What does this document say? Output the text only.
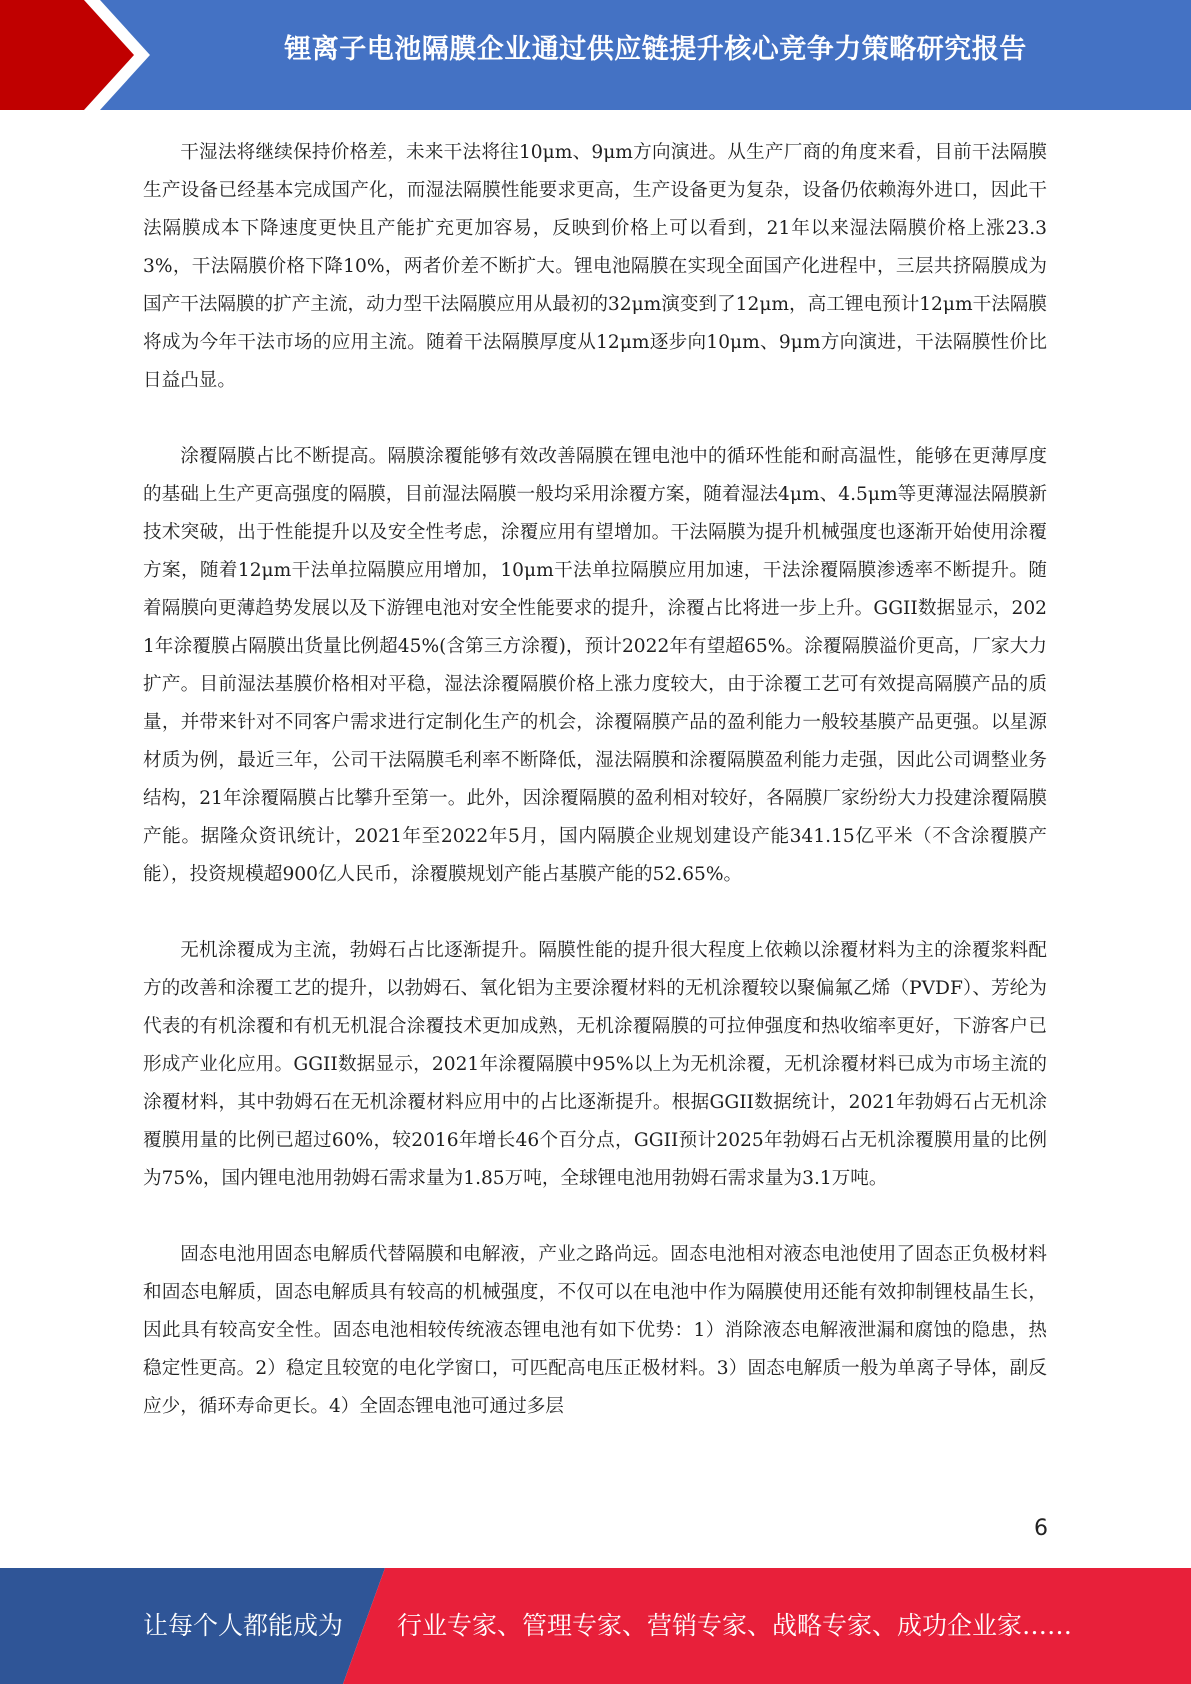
锂离子电池隔膜企业通过供应链提升核心竞争力策略研究报告

干湿法将继续保持价格差，未来干法将往10μm、9μm方向演进。从生产厂商的角度来看，目前干法隔膜生产设备已经基本完成国产化，而湿法隔膜性能要求更高，生产设备更为复杂，设备仍依赖海外进口，因此干法隔膜成本下降速度更快且产能扩充更加容易，反映到价格上可以看到，21年以来湿法隔膜价格上涨23.33%，干法隔膜价格下降10%，两者价差不断扩大。锂电池隔膜在实现全面国产化进程中，三层共挤隔膜成为国产干法隔膜的扩产主流，动力型干法隔膜应用从最初的32μm演变到了12μm，高工锂电预计12μm干法隔膜将成为今年干法市场的应用主流。随着干法隔膜厚度从12μm逐步向10μm、9μm方向演进，干法隔膜性价比日益凸显。

涂覆隔膜占比不断提高。隔膜涂覆能够有效改善隔膜在锂电池中的循环性能和耐高温性，能够在更薄厚度的基础上生产更高强度的隔膜，目前湿法隔膜一般均采用涂覆方案，随着湿法4μm、4.5μm等更薄湿法隔膜新技术突破，出于性能提升以及安全性考虑，涂覆应用有望增加。干法隔膜为提升机械强度也逐渐开始使用涂覆方案，随着12μm干法单拉隔膜应用增加，10μm干法单拉隔膜应用加速，干法涂覆隔膜渗透率不断提升。随着隔膜向更薄趋势发展以及下游锂电池对安全性能要求的提升，涂覆占比将进一步上升。GGII数据显示，2021年涂覆膜占隔膜出货量比例超45%(含第三方涂覆)，预计2022年有望超65%。涂覆隔膜溢价更高，厂家大力扩产。目前湿法基膜价格相对平稳，湿法涂覆隔膜价格上涨力度较大，由于涂覆工艺可有效提高隔膜产品的质量，并带来针对不同客户需求进行定制化生产的机会，涂覆隔膜产品的盈利能力一般较基膜产品更强。以星源材质为例，最近三年，公司干法隔膜毛利率不断降低，湿法隔膜和涂覆隔膜盈利能力走强，因此公司调整业务结构，21年涂覆隔膜占比攀升至第一。此外，因涂覆隔膜的盈利相对较好，各隔膜厂家纷纷大力投建涂覆隔膜产能。据隆众资讯统计，2021年至2022年5月，国内隔膜企业规划建设产能341.15亿平米（不含涂覆膜产能），投资规模超900亿人民币，涂覆膜规划产能占基膜产能的52.65%。

无机涂覆成为主流，勃姆石占比逐渐提升。隔膜性能的提升很大程度上依赖以涂覆材料为主的涂覆浆料配方的改善和涂覆工艺的提升，以勃姆石、氧化铝为主要涂覆材料的无机涂覆较以聚偏氟乙烯（PVDF）、芳纶为代表的有机涂覆和有机无机混合涂覆技术更加成熟，无机涂覆隔膜的可拉伸强度和热收缩率更好，下游客户已形成产业化应用。GGII数据显示，2021年涂覆隔膜中95%以上为无机涂覆，无机涂覆材料已成为市场主流的涂覆材料，其中勃姆石在无机涂覆材料应用中的占比逐渐提升。根据GGII数据统计，2021年勃姆石占无机涂覆膜用量的比例已超过60%，较2016年增长46个百分点，GGII预计2025年勃姆石占无机涂覆膜用量的比例为75%，国内锂电池用勃姆石需求量为1.85万吨，全球锂电池用勃姆石需求量为3.1万吨。

固态电池用固态电解质代替隔膜和电解液，产业之路尚远。固态电池相对液态电池使用了固态正负极材料和固态电解质，固态电解质具有较高的机械强度，不仅可以在电池中作为隔膜使用还能有效抑制锂枝晶生长，因此具有较高安全性。固态电池相较传统液态锂电池有如下优势：1）消除液态电解液泄漏和腐蚀的隐患，热稳定性更高。2）稳定且较宽的电化学窗口，可匹配高电压正极材料。3）固态电解质一般为单离子导体，副反应少，循环寿命更长。4）全固态锂电池可通过多层

6
让每个人都能成为 行业专家、管理专家、营销专家、战略专家、成功企业家……
